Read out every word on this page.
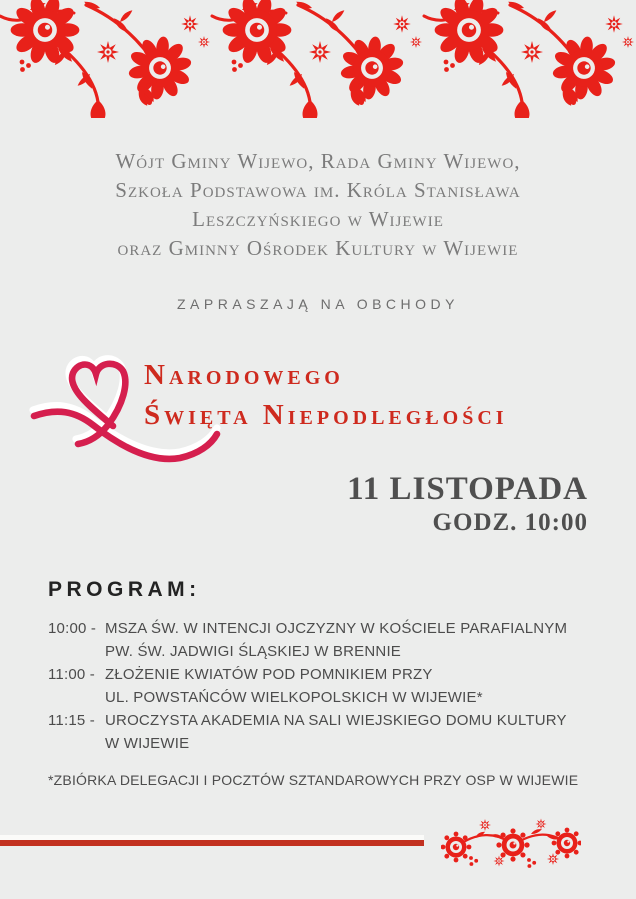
Wójt Gminy Wijewo, Rada Gminy Wijewo,
Szkoła Podstawowa im. Króla Stanisława
Leszczyńskiego w Wijewie
oraz Gminny Ośrodek Kultury w Wijewie
ZAPRASZAJĄ NA OBCHODY
Narodowego
Święta Niepodległości
11 LISTOPADA
GODZ. 10:00
PROGRAM:
10:00 - MSZA ŚW. W INTENCJI OJCZYZNY W KOŚCIELE PARAFIALNYM
PW. ŚW. JADWIGI ŚLĄSKIEJ W BRENNIE
11:00 - ZŁOŻENIE KWIATÓW POD POMNIKIEM PRZY
UL. POWSTAŃCÓW WIELKOPOLSKICH W WIJEWIE*
11:15 - UROCZYSTA AKADEMIA NA SALI WIEJSKIEGO DOMU KULTURY
W WIJEWIE
*ZBIÓRKA DELEGACJI I POCZTÓW SZTANDAROWYCH PRZY OSP W WIJEWIE
